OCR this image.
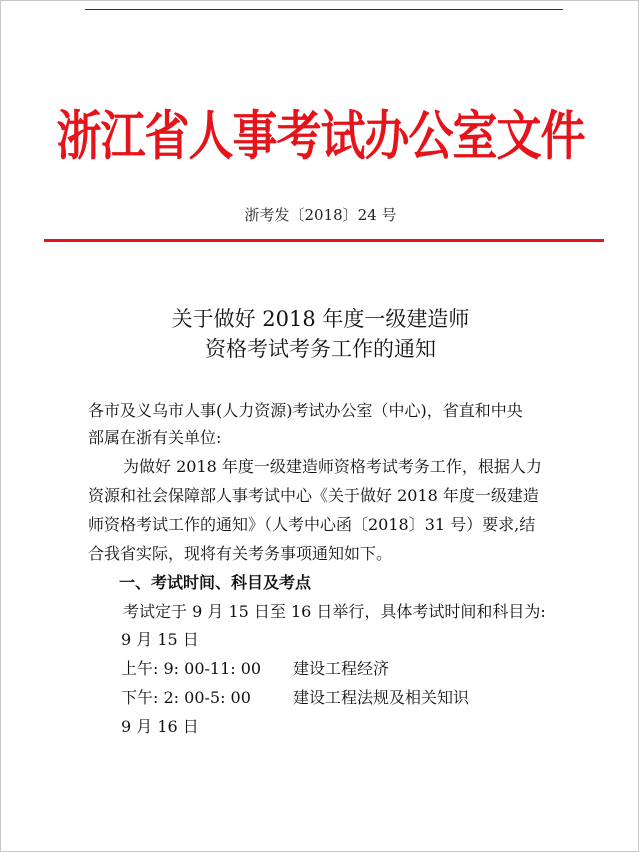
浙江省人事考试办公室文件
浙考发〔2018〕24 号
关于做好 2018 年度一级建造师
资格考试考务工作的通知
各市及义乌市人事(人力资源)考试办公室（中心)，省直和中央
部属在浙有关单位:
为做好 2018 年度一级建造师资格考试考务工作，根据人力
资源和社会保障部人事考试中心《关于做好 2018 年度一级建造
师资格考试工作的通知》（人考中心函〔2018〕31 号）要求,结
合我省实际，现将有关考务事项通知如下。
一、考试时间、科目及考点
考试定于 9 月 15 日至 16 日举行，具体考试时间和科目为:
9 月 15 日
上午: 9: 00-11: 00 建设工程经济
下午: 2: 00-5: 00	建设工程法规及相关知识
9 月 16 日
